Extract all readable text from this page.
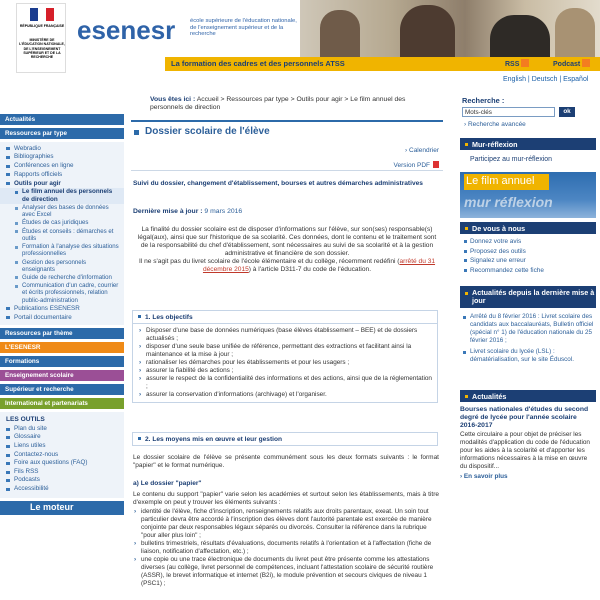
RÉPUBLIQUE FRANÇAISE
MINISTÈRE DE L'ÉDUCATION NATIONALE, DE L'ENSEIGNEMENT SUPÉRIEUR ET DE LA RECHERCHE
esenesr	école supérieure de l'éducation nationale, de l'enseignement supérieur et de la recherche
La formation des cadres et des personnels ATSS	RSS	Podcast
English | Deutsch | Español
Actualités
Ressources par type
Webradio
Bibliographies
Conférences en ligne
Rapports officiels
Outils pour agir
Le film annuel des personnels de direction
Analyser des bases de données avec Excel
Études de cas juridiques
Études et conseils : démarches et outils
Formation à l'analyse des situations professionnelles
Gestion des personnels enseignants
Guide de recherche d'information
Communication d'un cadre, courrier et écrits professionnels, relation public-administration
Publications ESENESR
Portail documentaire
Ressources par thème
L'ESENESR
Formations
Enseignement scolaire
Supérieur et recherche
International et partenariats
LES OUTILS
Plan du site
Glossaire
Liens utiles
Contactez-nous
Foire aux questions (FAQ)
Fils RSS
Podcasts
Accessibilité
Le moteur
Vous êtes ici : Accueil > Ressources par type > Outils pour agir > Le film annuel des personnels de direction
Dossier scolaire de l'élève
› Calendrier
Version PDF
Suivi du dossier, changement d'établissement, bourses et autres démarches administratives
Dernière mise à jour : 9 mars 2016
La finalité du dossier scolaire est de disposer d'informations sur l'élève, sur son(ses) responsable(s) légal(aux), ainsi que sur l'historique de sa scolarité. Ces données, dont le contenu et le traitement sont de la responsabilité du chef d'établissement, sont nécessaires au suivi de sa scolarité et à la gestion administrative et financière de son dossier.
Il ne s'agit pas du livret scolaire de l'école élémentaire et du collège, récemment redéfini (arrêté du 31 décembre 2015) à l'article D311-7 du code de l'éducation.
1. Les objectifs
› Disposer d'une base de données numériques (base élèves établissement – BEE) et de dossiers actualisés ;
› disposer d'une seule base unifiée de référence, permettant des extractions et facilitant ainsi la maintenance et la mise à jour ;
› rationaliser les démarches pour les établissements et pour les usagers ;
› assurer la fiabilité des actions ;
› assurer le respect de la confidentialité des informations et des actions, ainsi que de la réglementation ;
› assurer la conservation d'informations (archivage) et l'organiser.
2. Les moyens mis en œuvre et leur gestion
Le dossier scolaire de l'élève se présente communément sous les deux formats suivants : le format "papier" et le format numérique.
a) Le dossier "papier"
Le contenu du support "papier" varie selon les académies et surtout selon les établissements, mais à titre d'exemple on peut y trouver les éléments suivants :
› identité de l'élève, fiche d'inscription, renseignements relatifs aux droits parentaux, exeat. Un soin tout particulier devra être accordé à l'inscription des élèves dont l'autorité parentale est exercée de manière conjointe par deux responsables légaux séparés ou divorcés. Consulter la référence dans la rubrique "pour aller plus loin" ;
› bulletins trimestriels, résultats d'évaluations, documents relatifs à l'orientation et à l'affectation (fiche de liaison, notification d'affectation, etc.) ;
› une copie ou une trace électronique de documents du livret peut être présente comme les attestations diverses (au collège, livret personnel de compétences, incluant l'attestation scolaire de sécurité routière (ASSR), le brevet informatique et internet (B2i), le module prévention et secours civiques de niveau 1 (PSC1) ;
Recherche :
Mots-clés
ok
› Recherche avancée
Mur-réflexion
Participez au mur-réflexion
Le film annuel
mur réflexion
De vous à nous
Donnez votre avis
Proposez des outils
Signalez une erreur
Recommandez cette fiche
Actualités depuis la dernière mise à jour
Arrêté du 8 février 2016 : Livret scolaire des candidats aux baccalauréats, Bulletin officiel (spécial n° 1) de l'éducation nationale du 25 février 2016 ;
Livret scolaire du lycée (LSL) : dématérialisation, sur le site Éduscol.
Actualités
Bourses nationales d'études du second degré de lycée pour l'année scolaire 2016-2017
Cette circulaire a pour objet de préciser les modalités d'application du code de l'éducation pour les aides à la scolarité et d'apporter les informations nécessaires à la mise en œuvre du dispositif...
› En savoir plus
